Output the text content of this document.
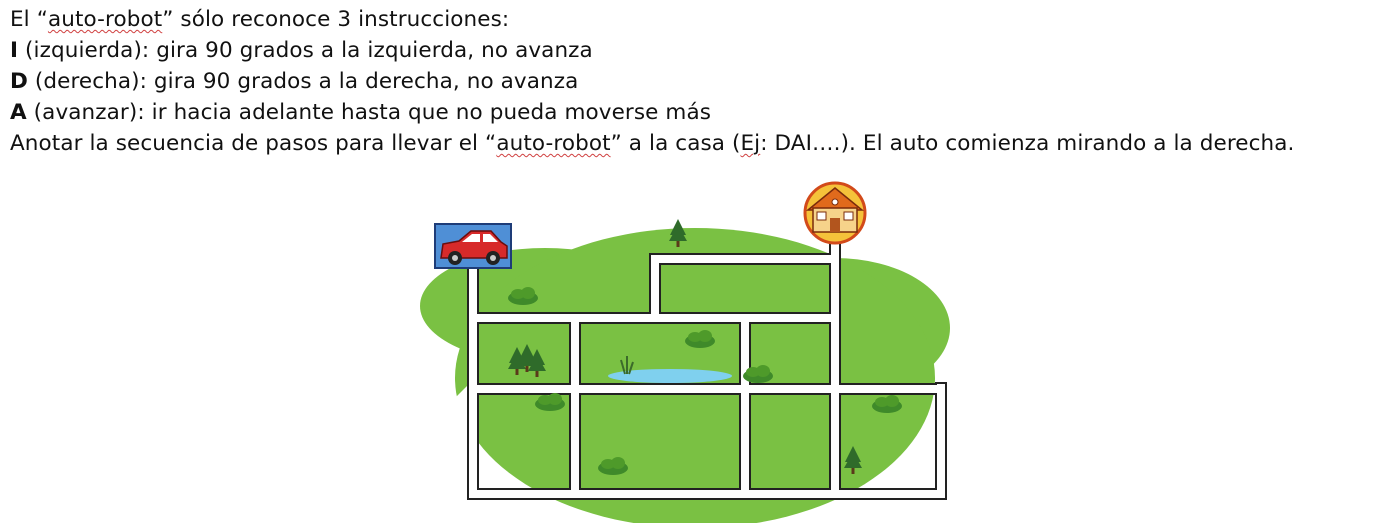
El “auto-robot” sólo reconoce 3 instrucciones:
I (izquierda): gira 90 grados a la izquierda, no avanza
D (derecha): gira 90 grados a la derecha, no avanza
A (avanzar): ir hacia adelante hasta que no pueda moverse más
Anotar la secuencia de pasos para llevar el “auto-robot” a la casa (Ej: DAI….). El auto comienza mirando a la derecha.
